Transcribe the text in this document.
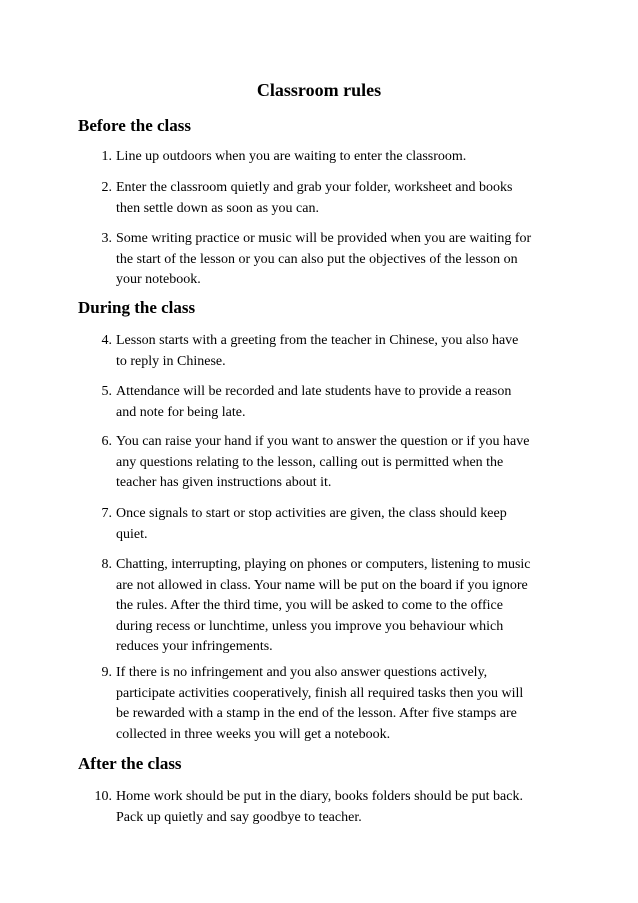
Classroom rules
Before the class
1. Line up outdoors when you are waiting to enter the classroom.
2. Enter the classroom quietly and grab your folder, worksheet and books
then settle down as soon as you can.
3. Some writing practice or music will be provided when you are waiting for
the start of the lesson or you can also put the objectives of the lesson on
your notebook.
During the class
4. Lesson starts with a greeting from the teacher in Chinese, you also have
to reply in Chinese.
5. Attendance will be recorded and late students have to provide a reason
and note for being late.
6. You can raise your hand if you want to answer the question or if you have
any questions relating to the lesson, calling out is permitted when the
teacher has given instructions about it.
7. Once signals to start or stop activities are given, the class should keep
quiet.
8. Chatting, interrupting, playing on phones or computers, listening to music
are not allowed in class. Your name will be put on the board if you ignore
the rules. After the third time, you will be asked to come to the office
during recess or lunchtime, unless you improve you behaviour which
reduces your infringements.
9. If there is no infringement and you also answer questions actively,
participate activities cooperatively, finish all required tasks then you will
be rewarded with a stamp in the end of the lesson. After five stamps are
collected in three weeks you will get a notebook.
After the class
10. Home work should be put in the diary, books folders should be put back.
Pack up quietly and say goodbye to teacher.
